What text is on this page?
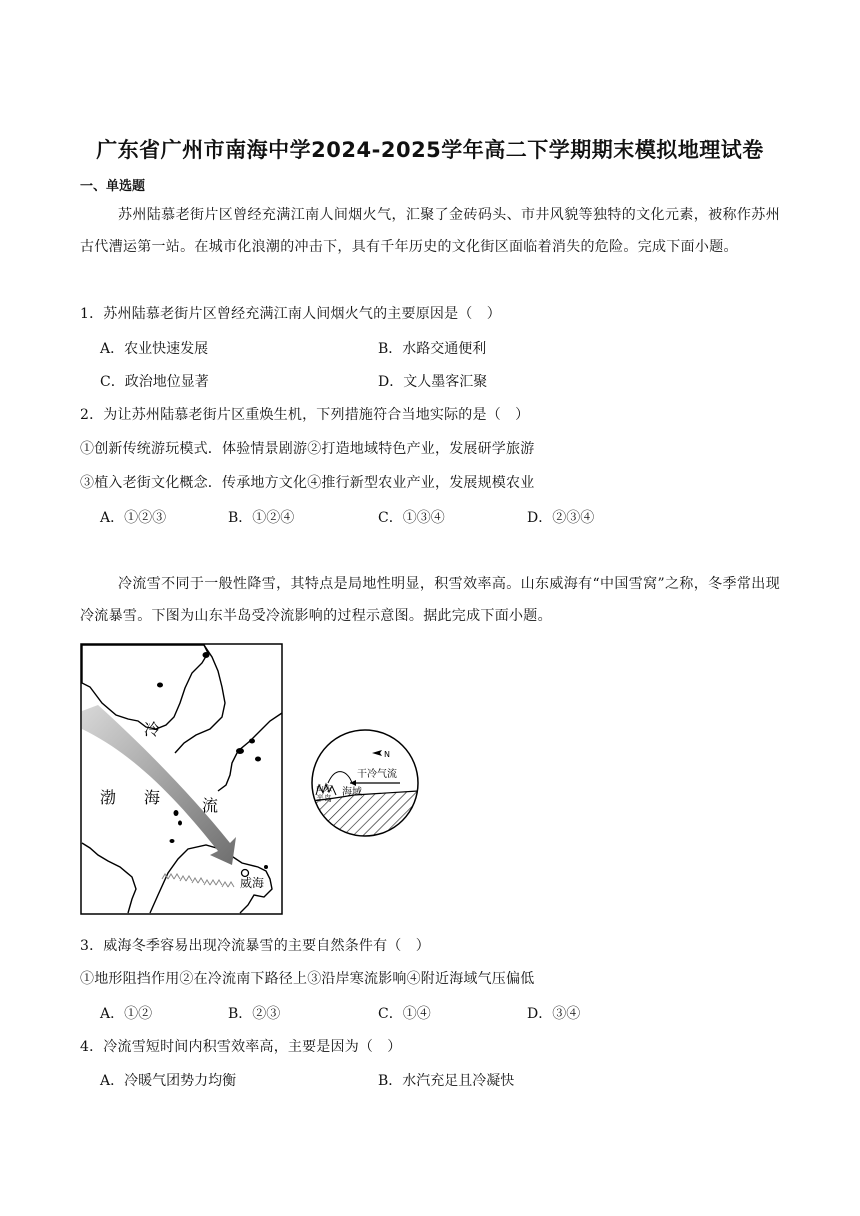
广东省广州市南海中学2024-2025学年高二下学期期末模拟地理试卷
一、单选题
苏州陆慕老街片区曾经充满江南人间烟火气，汇聚了金砖码头、市井风貌等独特的文化元素，被称作苏州古代漕运第一站。在城市化浪潮的冲击下，具有千年历史的文化街区面临着消失的危险。完成下面小题。
1．苏州陆慕老街片区曾经充满江南人间烟火气的主要原因是（　）
A．农业快速发展	B．水路交通便利
C．政治地位显著	D．文人墨客汇聚
2．为让苏州陆慕老街片区重焕生机，下列措施符合当地实际的是（　）
①创新传统游玩模式．体验情景剧游②打造地域特色产业，发展研学旅游
③植入老街文化概念．传承地方文化④推行新型农业产业，发展规模农业
A．①②③	B．①②④	C．①③④	D．②③④
冷流雪不同于一般性降雪，其特点是局地性明显，积雪效率高。山东威海有“中国雪窝”之称，冬季常出现冷流暴雪。下图为山东半岛受冷流影响的过程示意图。据此完成下面小题。
冷
渤 海	流
威海
N
干冷气流
海域
山东
半岛
3．威海冬季容易出现冷流暴雪的主要自然条件有（　）
①地形阻挡作用②在冷流南下路径上③沿岸寒流影响④附近海域气压偏低
A．①②	B．②③	C．①④	D．③④
4．冷流雪短时间内积雪效率高，主要是因为（　）
A．冷暖气团势力均衡	B．水汽充足且冷凝快
